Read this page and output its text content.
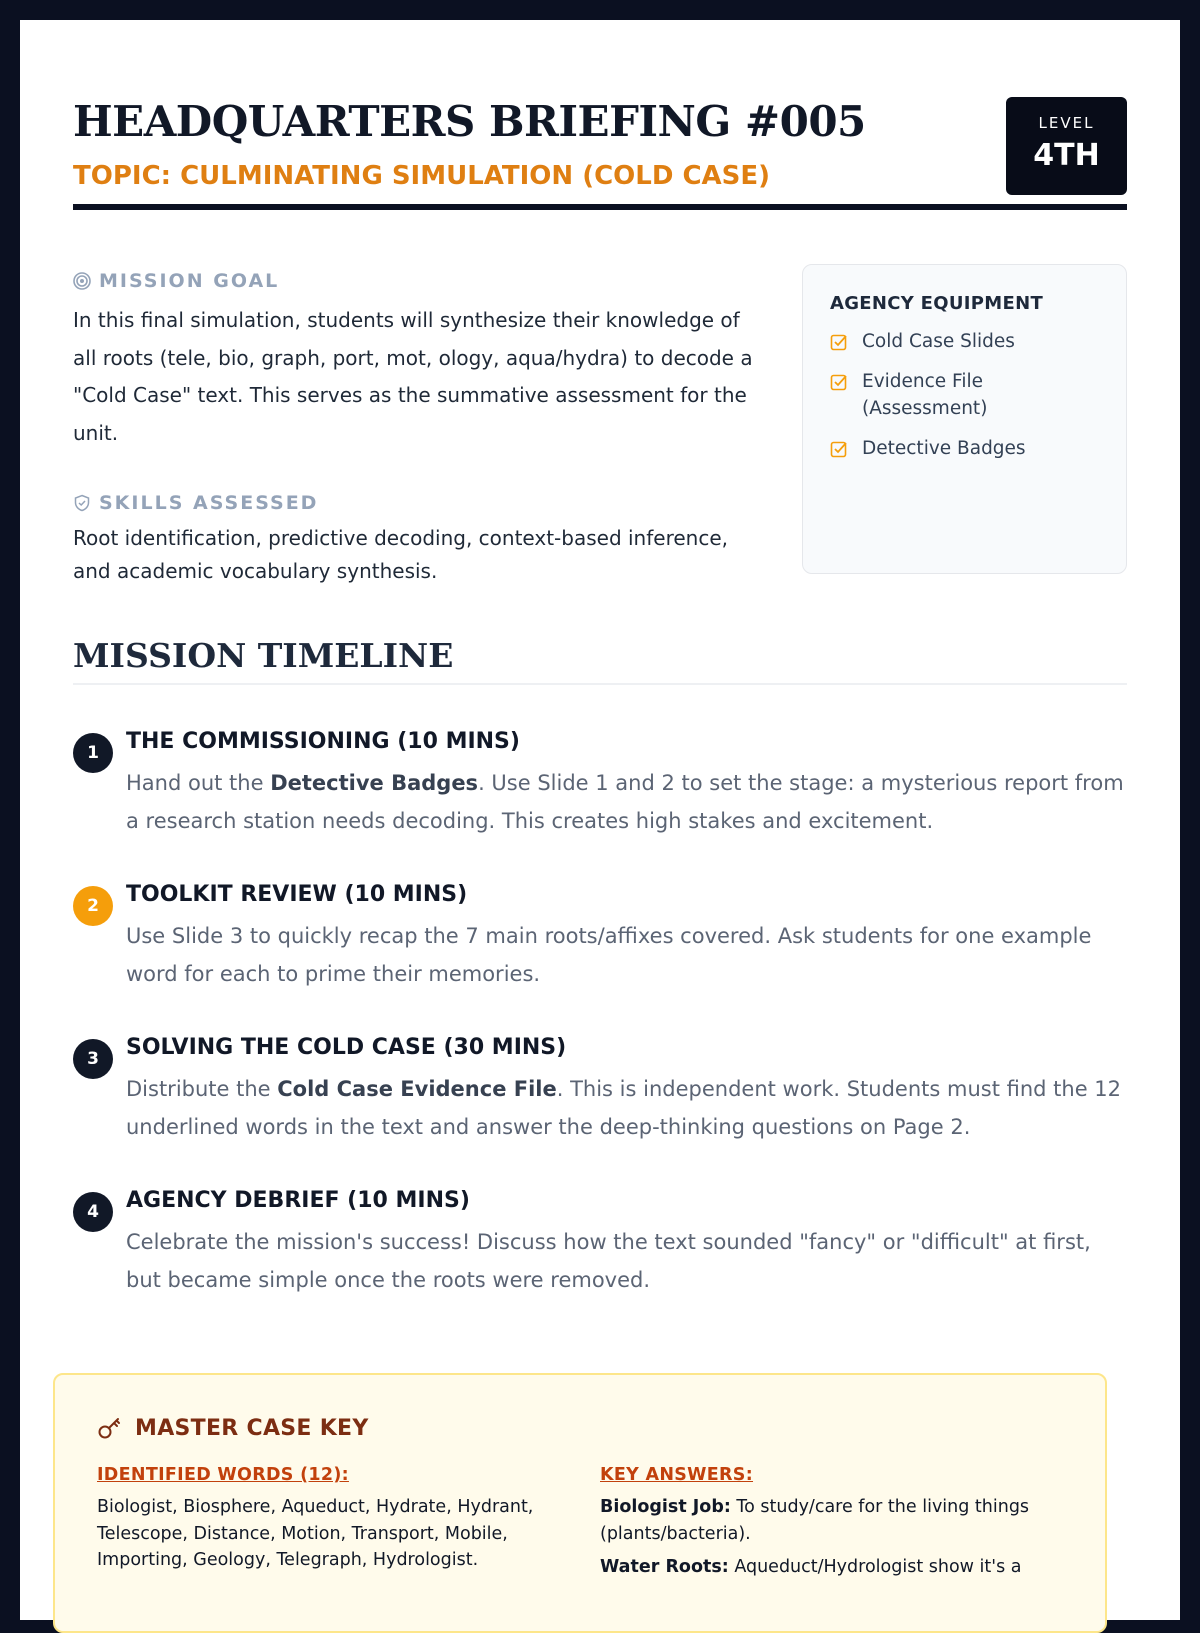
HEADQUARTERS BRIEFING #005
TOPIC: CULMINATING SIMULATION (COLD CASE)
LEVEL
4TH
MISSION GOAL

In this final simulation, students will synthesize their knowledge of all roots (tele, bio, graph, port, mot, ology, aqua/hydra) to decode a "Cold Case" text. This serves as the summative assessment for the unit.

SKILLS ASSESSED

Root identification, predictive decoding, context-based inference, and academic vocabulary synthesis.

AGENCY EQUIPMENT
Cold Case Slides
Evidence File (Assessment)
Detective Badges
MISSION TIMELINE
1	THE COMMISSIONING (10 MINS)

Hand out the Detective Badges. Use Slide 1 and 2 to set the stage: a mysterious report from a research station needs decoding. This creates high stakes and excitement.

2	TOOLKIT REVIEW (10 MINS)

Use Slide 3 to quickly recap the 7 main roots/affixes covered. Ask students for one example word for each to prime their memories.

3	SOLVING THE COLD CASE (30 MINS)

Distribute the Cold Case Evidence File. This is independent work. Students must find the 12 underlined words in the text and answer the deep-thinking questions on Page 2.

4	AGENCY DEBRIEF (10 MINS)

Celebrate the mission's success! Discuss how the text sounded "fancy" or "difficult" at first, but became simple once the roots were removed.

MASTER CASE KEY
IDENTIFIED WORDS (12):

Biologist, Biosphere, Aqueduct, Hydrate, Hydrant, Telescope, Distance, Motion, Transport, Mobile, Importing, Geology, Telegraph, Hydrologist.

KEY ANSWERS:

Biologist Job: To study/care for the living things (plants/bacteria).

Water Roots: Aqueduct/Hydrologist show it's a
